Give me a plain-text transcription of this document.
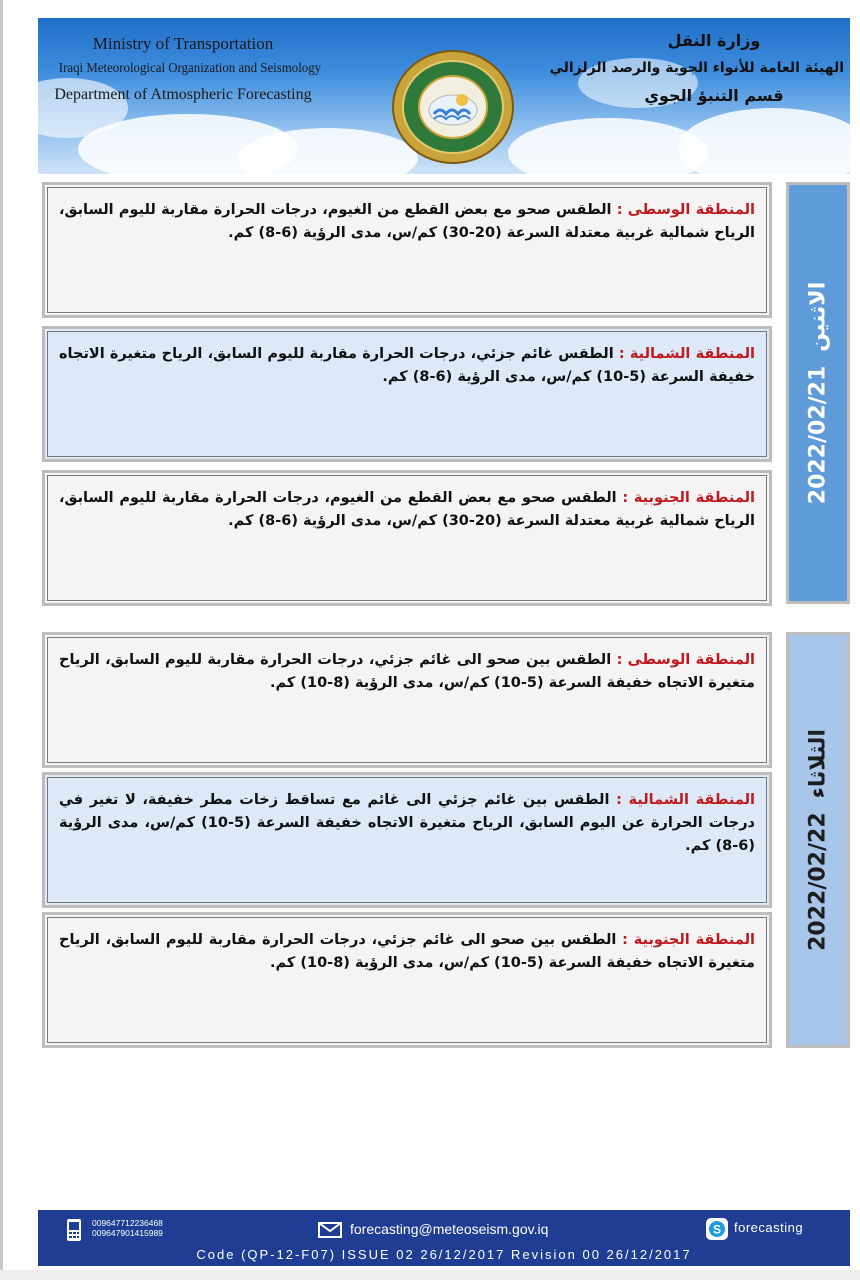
Ministry of Transportation
Iraqi Meteorological Organization and Seismology
Department of Atmospheric Forecasting
وزارة النقل
الهيئة العامة للأنواء الجوية والرصد الزلزالي
قسم التنبؤ الجوي
المنطقة الوسطى : الطقس صحو مع بعض القطع من الغيوم، درجات الحرارة مقاربة لليوم السابق، الرياح شمالية غربية معتدلة السرعة (20-30) كم/س، مدى الرؤية (6-8) كم.
المنطقة الشمالية : الطقس غائم جزئي، درجات الحرارة مقاربة لليوم السابق، الرياح متغيرة الاتجاه خفيفة السرعة (5-10) كم/س، مدى الرؤية (6-8) كم.
المنطقة الجنوبية : الطقس صحو مع بعض القطع من الغيوم، درجات الحرارة مقاربة لليوم السابق، الرياح شمالية غربية معتدلة السرعة (20-30) كم/س، مدى الرؤية (6-8) كم.
2022/02/21الاثنين
المنطقة الوسطى : الطقس بين صحو الى غائم جزئي، درجات الحرارة مقاربة لليوم السابق، الرياح متغيرة الاتجاه خفيفة السرعة (5-10) كم/س، مدى الرؤية (8-10) كم.
المنطقة الشمالية : الطقس بين غائم جزئي الى غائم مع تساقط زخات مطر خفيفة، لا تغير في درجات الحرارة عن اليوم السابق، الرياح متغيرة الاتجاه خفيفة السرعة (5-10) كم/س، مدى الرؤية (6-8) كم.
المنطقة الجنوبية : الطقس بين صحو الى غائم جزئي، درجات الحرارة مقاربة لليوم السابق، الرياح متغيرة الاتجاه خفيفة السرعة (5-10) كم/س، مدى الرؤية (8-10) كم.
2022/02/22الثلاثاء
009647712236468
009647901415989	forecasting@meteoseism.gov.iq	S forecasting
Code (QP-12-F07) ISSUE 02 26/12/2017 Revision 00 26/12/2017
